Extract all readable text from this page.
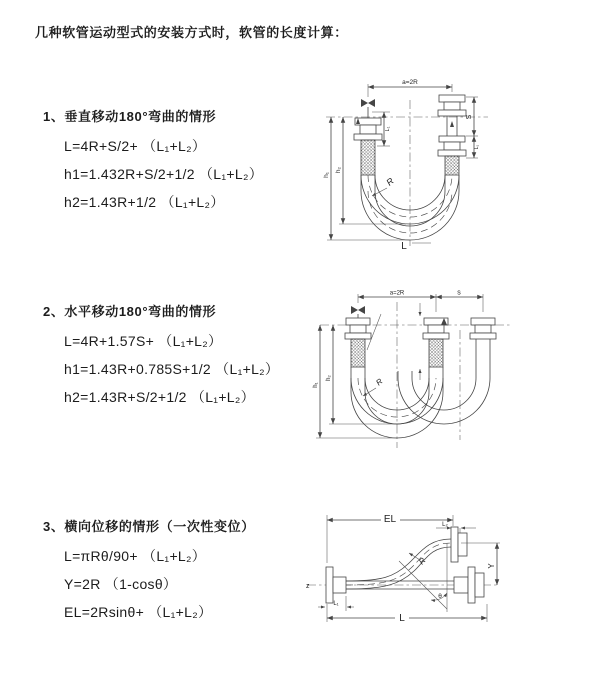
几种软管运动型式的安装方式时，软管的长度计算：
1、垂直移动180°弯曲的情形
L=4R+S/2+ （L₁+L₂）
h1=1.432R+S/2+1/2 （L₁+L₂）
h2=1.43R+1/2 （L₁+L₂）
2、水平移动180°弯曲的情形
L=4R+1.57S+ （L₁+L₂）
h1=1.43R+0.785S+1/2 （L₁+L₂）
h2=1.43R+S/2+1/2 （L₁+L₂）
3、横向位移的情形（一次性变位）
L=πRθ/90+ （L₁+L₂）
Y=2R （1-cosθ）
EL=2Rsinθ+ （L₁+L₂）
a=2R
h₁
h₂
L₁
S
L₁
R
L
a=2R	s
h₁
h₂	R
z
EL	L₂
Y
R
θ
L₁
L
